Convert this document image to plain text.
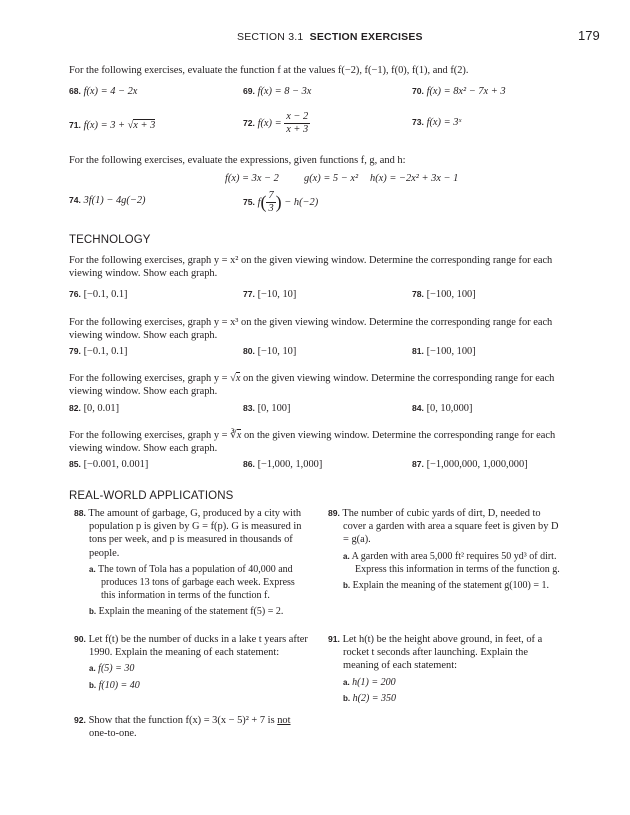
SECTION 3.1 SECTION EXERCISES	179
For the following exercises, evaluate the function f at the values f(−2), f(−1), f(0), f(1), and f(2).
68. f(x) = 4 − 2x	69. f(x) = 8 − 3x	70. f(x) = 8x² − 7x + 3
71. f(x) = 3 + √x + 3	72. $f(x) = \frac{x - 2}{x + 3}$	73. f(x) = 3ˣ
For the following exercises, evaluate the expressions, given functions f, g, and h:
f(x) = 3x − 2 g(x) = 5 − x² h(x) = −2x² + 3x − 1
74. 3f(1) − 4g(−2)	75. $f( \frac{7}{3}$ ) − h(−2)
TECHNOLOGY
For the following exercises, graph y = x² on the given viewing window. Determine the corresponding range for each viewing window. Show each graph.
76. [−0.1, 0.1]	77. [−10, 10]	78. [−100, 100]
For the following exercises, graph y = x³ on the given viewing window. Determine the corresponding range for each viewing window. Show each graph.
79. [−0.1, 0.1]	80. [−10, 10]	81. [−100, 100]
For the following exercises, graph y = √x on the given viewing window. Determine the corresponding range for each viewing window. Show each graph.
82. [0, 0.01]	83. [0, 100]	84. [0, 10,000]
For the following exercises, graph y = ∛x on the given viewing window. Determine the corresponding range for each viewing window. Show each graph.
85. [−0.001, 0.001]	86. [−1,000, 1,000]	87. [−1,000,000, 1,000,000]
REAL-WORLD APPLICATIONS
88. The amount of garbage, G, produced by a city with population p is given by G = f(p). G is measured in tons per week, and p is measured in thousands of people.
a. The town of Tola has a population of 40,000 and produces 13 tons of garbage each week. Express this information in terms of the function f.
b. Explain the meaning of the statement f(5) = 2.
89. The number of cubic yards of dirt, D, needed to cover a garden with area a square feet is given by D = g(a).
a. A garden with area 5,000 ft² requires 50 yd³ of dirt. Express this information in terms of the function g.
b. Explain the meaning of the statement g(100) = 1.
90. Let f(t) be the number of ducks in a lake t years after 1990. Explain the meaning of each statement:
a. f(5) = 30
b. f(10) = 40
91. Let h(t) be the height above ground, in feet, of a rocket t seconds after launching. Explain the meaning of each statement:
a. h(1) = 200
b. h(2) = 350
92. Show that the function f(x) = 3(x − 5)² + 7 is not one-to-one.
